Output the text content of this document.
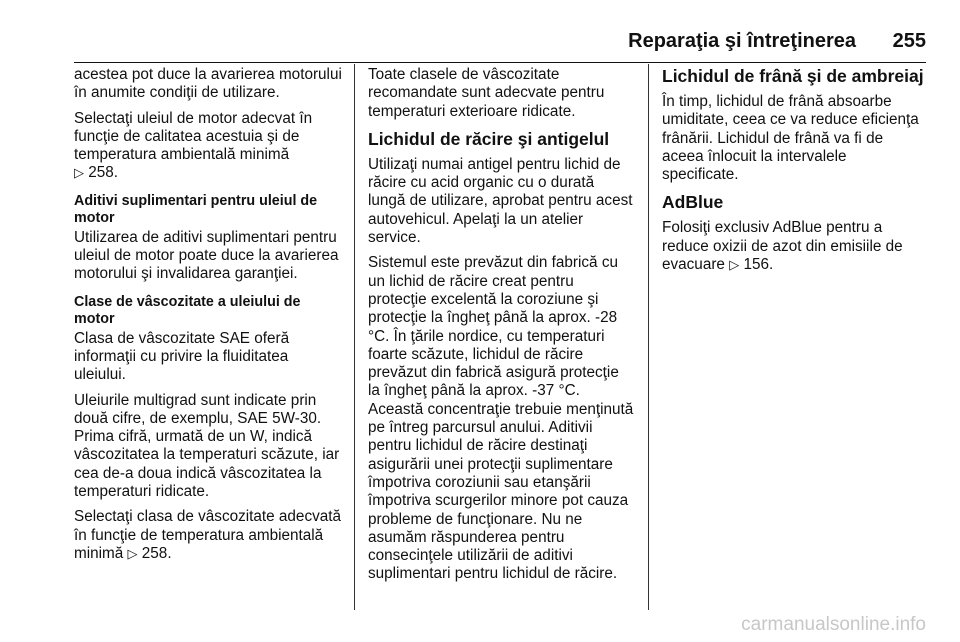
Reparaţia şi întreţinerea 255

acestea pot duce la avarierea motorului în anumite condiţii de utilizare.

Selectaţi uleiul de motor adecvat în funcţie de calitatea acestuia şi de temperatura ambientală minimă
▷ 258.

Aditivi suplimentari pentru uleiul de motor

Utilizarea de aditivi suplimentari pentru uleiul de motor poate duce la avarierea motorului şi invalidarea garanţiei.

Clase de vâscozitate a uleiului de motor

Clasa de vâscozitate SAE oferă informaţii cu privire la fluiditatea uleiului.

Uleiurile multigrad sunt indicate prin două cifre, de exemplu, SAE 5W-30. Prima cifră, urmată de un W, indică vâscozitatea la temperaturi scăzute, iar cea de-a doua indică vâscozitatea la temperaturi ridicate.

Selectaţi clasa de vâscozitate adecvată în funcţie de temperatura ambientală minimă ▷ 258.

Toate clasele de vâscozitate recomandate sunt adecvate pentru temperaturi exterioare ridicate.

Lichidul de răcire şi antigelul

Utilizaţi numai antigel pentru lichid de răcire cu acid organic cu o durată lungă de utilizare, aprobat pentru acest autovehicul. Apelaţi la un atelier service.

Sistemul este prevăzut din fabrică cu un lichid de răcire creat pentru protecţie excelentă la coroziune şi protecţie la îngheţ până la aprox. -28 °C. În ţările nordice, cu temperaturi foarte scăzute, lichidul de răcire prevăzut din fabrică asigură protecţie la îngheţ până la aprox. -37 °C. Această concentraţie trebuie menţinută pe întreg parcursul anului. Aditivii pentru lichidul de răcire destinaţi asigurării unei protecţii suplimentare împotriva coroziunii sau etanşării împotriva scurgerilor minore pot cauza probleme de funcţionare. Nu ne asumăm răspunderea pentru consecinţele utilizării de aditivi suplimentari pentru lichidul de răcire.

Lichidul de frână şi de ambreiaj

În timp, lichidul de frână absoarbe umiditate, ceea ce va reduce eficienţa frânării. Lichidul de frână va fi de aceea înlocuit la intervalele specificate.

AdBlue

Folosiţi exclusiv AdBlue pentru a reduce oxizii de azot din emisiile de evacuare ▷ 156.

carmanualsonline.info
